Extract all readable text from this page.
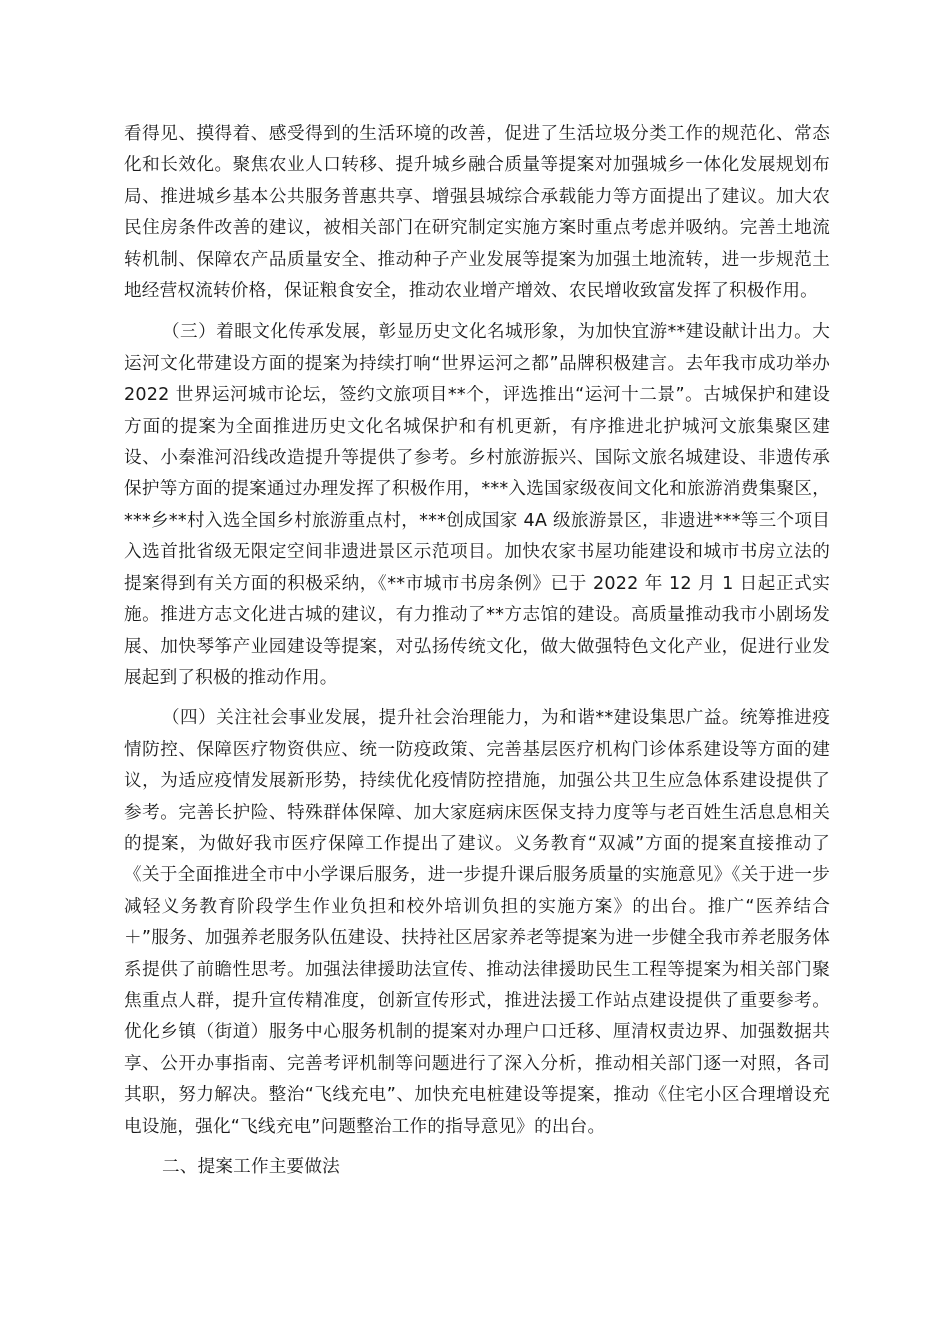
看得见、摸得着、感受得到的生活环境的改善，促进了生活垃圾分类工作的规范化、常态化和长效化。聚焦农业人口转移、提升城乡融合质量等提案对加强城乡一体化发展规划布局、推进城乡基本公共服务普惠共享、增强县城综合承载能力等方面提出了建议。加大农民住房条件改善的建议，被相关部门在研究制定实施方案时重点考虑并吸纳。完善土地流转机制、保障农产品质量安全、推动种子产业发展等提案为加强土地流转，进一步规范土地经营权流转价格，保证粮食安全，推动农业增产增效、农民增收致富发挥了积极作用。

（三）着眼文化传承发展，彰显历史文化名城形象，为加快宜游**建设献计出力。大运河文化带建设方面的提案为持续打响“世界运河之都”品牌积极建言。去年我市成功举办 2022 世界运河城市论坛，签约文旅项目**个，评选推出“运河十二景”。古城保护和建设方面的提案为全面推进历史文化名城保护和有机更新，有序推进北护城河文旅集聚区建设、小秦淮河沿线改造提升等提供了参考。乡村旅游振兴、国际文旅名城建设、非遗传承保护等方面的提案通过办理发挥了积极作用，***入选国家级夜间文化和旅游消费集聚区，***乡**村入选全国乡村旅游重点村，***创成国家 4A 级旅游景区，非遗进***等三个项目入选首批省级无限定空间非遗进景区示范项目。加快农家书屋功能建设和城市书房立法的提案得到有关方面的积极采纳，《**市城市书房条例》已于 2022 年 12 月 1 日起正式实施。推进方志文化进古城的建议，有力推动了**方志馆的建设。高质量推动我市小剧场发展、加快琴筝产业园建设等提案，对弘扬传统文化，做大做强特色文化产业，促进行业发展起到了积极的推动作用。

（四）关注社会事业发展，提升社会治理能力，为和谐**建设集思广益。统筹推进疫情防控、保障医疗物资供应、统一防疫政策、完善基层医疗机构门诊体系建设等方面的建议，为适应疫情发展新形势，持续优化疫情防控措施，加强公共卫生应急体系建设提供了参考。完善长护险、特殊群体保障、加大家庭病床医保支持力度等与老百姓生活息息相关的提案，为做好我市医疗保障工作提出了建议。义务教育“双减”方面的提案直接推动了《关于全面推进全市中小学课后服务，进一步提升课后服务质量的实施意见》《关于进一步减轻义务教育阶段学生作业负担和校外培训负担的实施方案》的出台。推广“医养结合＋”服务、加强养老服务队伍建设、扶持社区居家养老等提案为进一步健全我市养老服务体系提供了前瞻性思考。加强法律援助法宣传、推动法律援助民生工程等提案为相关部门聚焦重点人群，提升宣传精准度，创新宣传形式，推进法援工作站点建设提供了重要参考。优化乡镇（街道）服务中心服务机制的提案对办理户口迁移、厘清权责边界、加强数据共享、公开办事指南、完善考评机制等问题进行了深入分析，推动相关部门逐一对照，各司其职，努力解决。整治“飞线充电”、加快充电桩建设等提案，推动《住宅小区合理增设充电设施，强化“飞线充电”问题整治工作的指导意见》的出台。

二、提案工作主要做法
